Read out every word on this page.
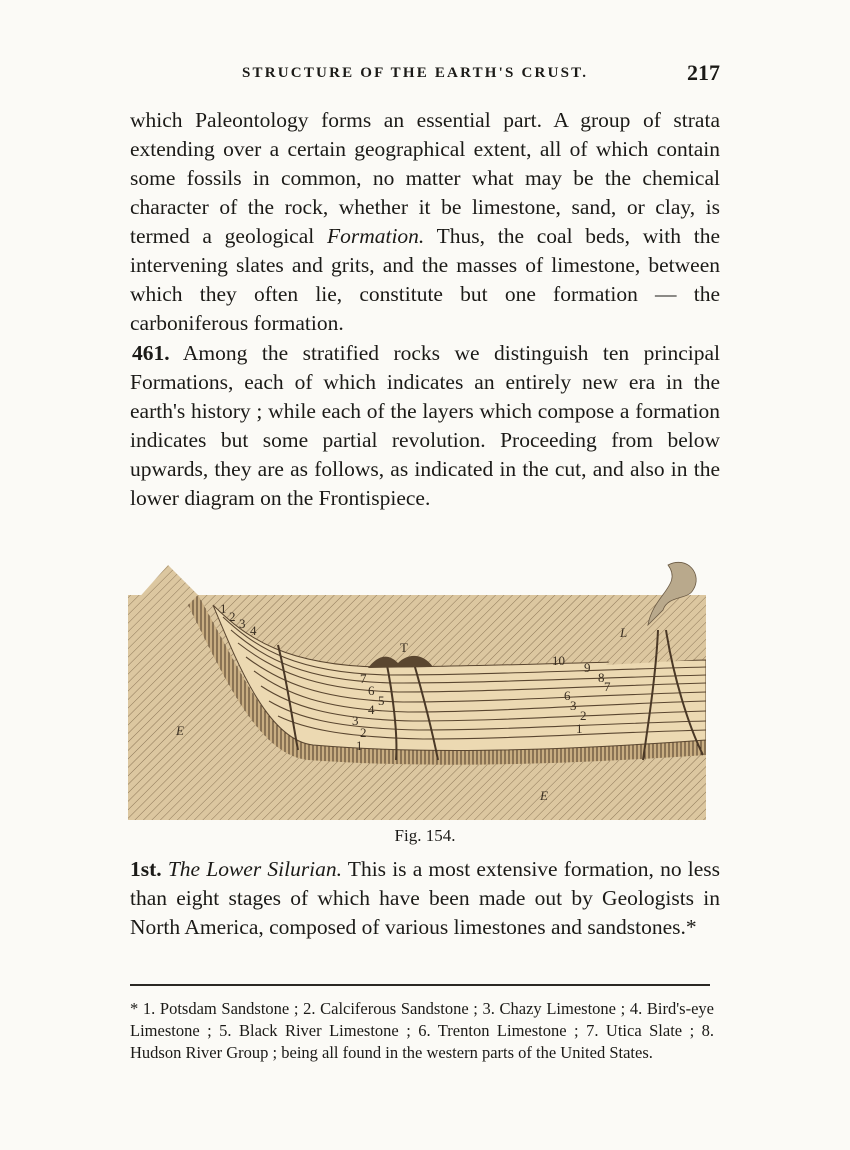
STRUCTURE OF THE EARTH'S CRUST.	217
which Paleontology forms an essential part. A group of strata extending over a certain geographical extent, all of which contain some fossils in common, no matter what may be the chemical character of the rock, whether it be limestone, sand, or clay, is termed a geological Formation. Thus, the coal beds, with the intervening slates and grits, and the masses of limestone, between which they often lie, constitute but one formation — the carboniferous formation.
461. Among the stratified rocks we distinguish ten principal Formations, each of which indicates an entirely new era in the earth's history ; while each of the layers which compose a formation indicates but some partial revolution. Proceeding from below upwards, they are as follows, as indicated in the cut, and also in the lower diagram on the Frontispiece.
1
2 3 4
T
L
E
E
1
2
3
4
5
6
7
1
2
3
6
7
8
9
10
Fig. 154.
1st. The Lower Silurian. This is a most extensive formation, no less than eight stages of which have been made out by Geologists in North America, composed of various limestones and sandstones.*
* 1. Potsdam Sandstone ; 2. Calciferous Sandstone ; 3. Chazy Limestone ; 4. Bird's-eye Limestone ; 5. Black River Limestone ; 6. Trenton Limestone ; 7. Utica Slate ; 8. Hudson River Group ; being all found in the western parts of the United States.
